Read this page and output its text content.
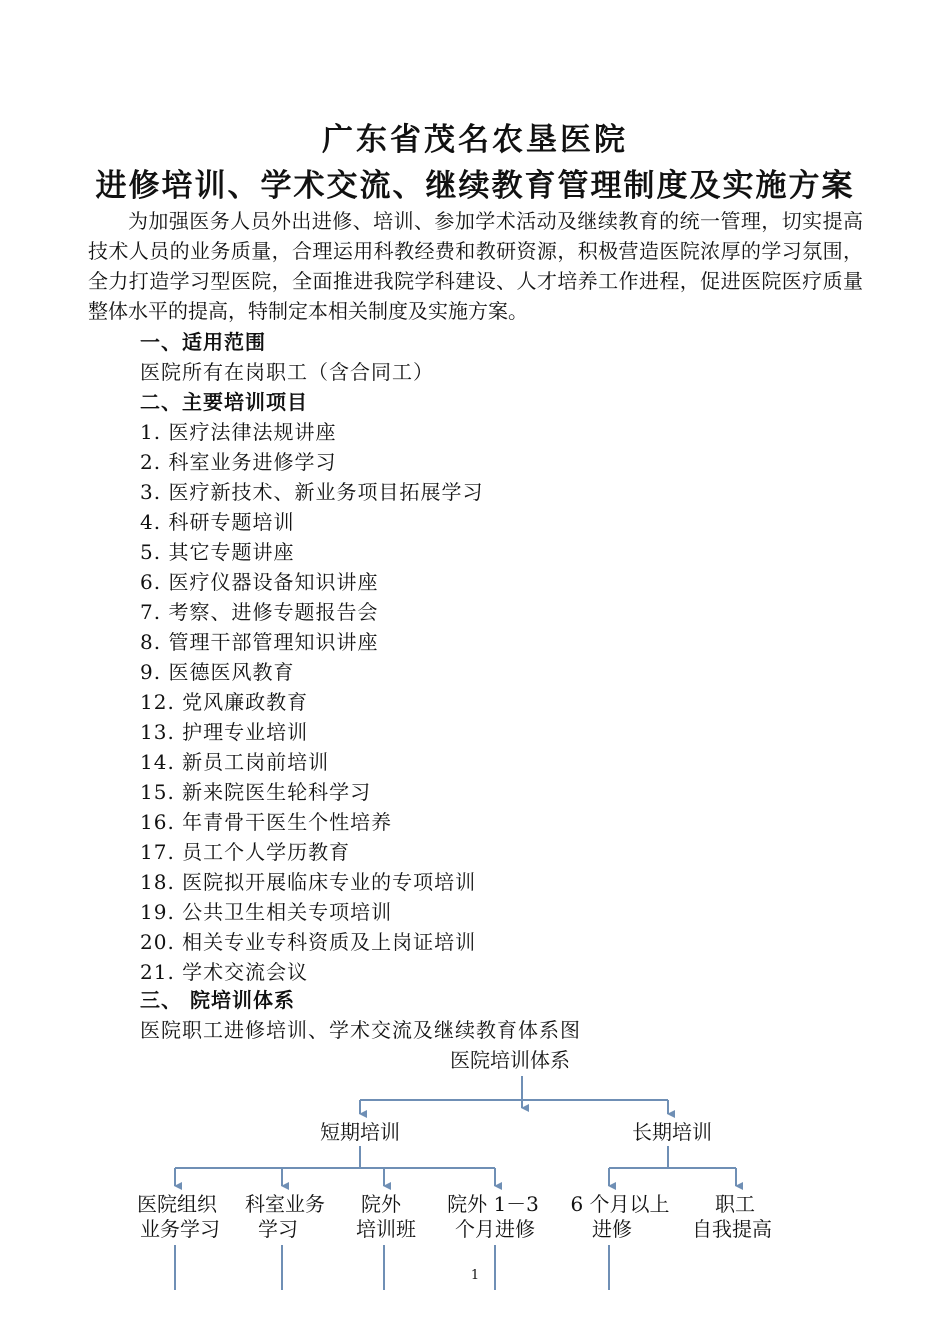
广东省茂名农垦医院
进修培训、学术交流、继续教育管理制度及实施方案

为加强医务人员外出进修、培训、参加学术活动及继续教育的统一管理，切实提高技术人员的业务质量，合理运用科教经费和教研资源，积极营造医院浓厚的学习氛围，全力打造学习型医院，全面推进我院学科建设、人才培养工作进程，促进医院医疗质量整体水平的提高，特制定本相关制度及实施方案。

一、适用范围
医院所有在岗职工（含合同工）
二、主要培训项目
1. 医疗法律法规讲座
2. 科室业务进修学习
3. 医疗新技术、新业务项目拓展学习
4. 科研专题培训
5. 其它专题讲座
6. 医疗仪器设备知识讲座
7. 考察、进修专题报告会
8. 管理干部管理知识讲座
9. 医德医风教育
12. 党风廉政教育
13. 护理专业培训
14. 新员工岗前培训
15. 新来院医生轮科学习
16. 年青骨干医生个性培养
17. 员工个人学历教育
18. 医院拟开展临床专业的专项培训
19. 公共卫生相关专项培训
20. 相关专业专科资质及上岗证培训
21. 学术交流会议
三、 院培训体系
医院职工进修培训、学术交流及继续教育体系图
医院培训体系
短期培训	长期培训
医院组织
业务学习
科室业务
学习
院外
培训班
院外 1－3
个月进修
6 个月以上
进修
职工
自我提高
1
